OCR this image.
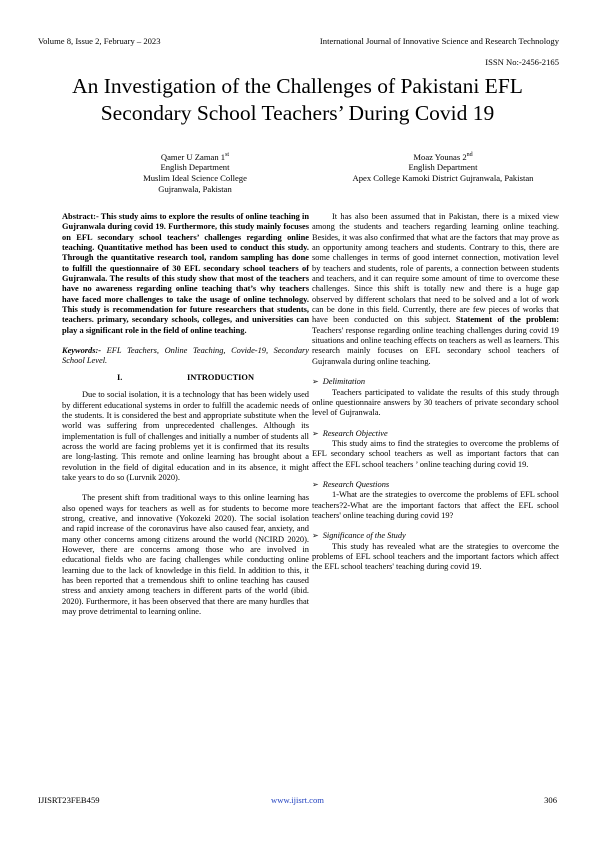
Volume 8, Issue 2, February – 2023	International Journal of Innovative Science and Research Technology
ISSN No:-2456-2165
An Investigation of the Challenges of Pakistani EFL
Secondary School Teachers’ During Covid 19
Qamer U Zaman 1st
English Department
Muslim Ideal Science College
Gujranwala, Pakistan
Moaz Younas 2nd
English Department
Apex College Kamoki District Gujranwala, Pakistan

Abstract:- This study aims to explore the results of online teaching in Gujranwala during covid 19. Furthermore, this study mainly focuses on EFL secondary school teachers’ challenges regarding online teaching. Quantitative method has been used to conduct this study. Through the quantitative research tool, random sampling has done to fulfill the questionnaire of 30 EFL secondary school teachers of Gujranwala. The results of this study show that most of the teachers have no awareness regarding online teaching that’s why teachers have faced more challenges to take the usage of online technology. This study is recommendation for future researchers that students, teachers. primary, secondary schools, colleges, and universities can play a significant role in the field of online teaching.

Keywords:- EFL Teachers, Online Teaching, Covide-19, Secondary School Level.

I.	INTRODUCTION

Due to social isolation, it is a technology that has been widely used by different educational systems in order to fulfill the academic needs of the students. It is considered the best and appropriate substitute when the world was suffering from unprecedented challenges. Although its implementation is full of challenges and initially a number of students all across the world are facing problems yet it is confirmed that its results are long-lasting. This remote and online learning has brought about a revolution in the field of digital education and in its absence, it might take years to do so (Lurvnik 2020).

The present shift from traditional ways to this online learning has also opened ways for teachers as well as for students to become more strong, creative, and innovative (Yokozeki 2020). The social isolation and rapid increase of the coronavirus have also caused fear, anxiety, and many other concerns among citizens around the world (NCIRD 2020). However, there are concerns among those who are involved in educational fields who are facing challenges while conducting online learning due to the lack of knowledge in this field. In addition to this, it has been reported that a tremendous shift to online teaching has caused stress and anxiety among teachers in different parts of the world (ibid. 2020). Furthermore, it has been observed that there are many hurdles that may prove detrimental to learning online.

It has also been assumed that in Pakistan, there is a mixed view among the students and teachers regarding learning online teaching. Besides, it was also confirmed that what are the factors that may prove as an opportunity among teachers and students. Contrary to this, there are some challenges in terms of good internet connection, motivation level by teachers and students, role of parents, a connection between students and teachers, and it can require some amount of time to overcome these challenges. Since this shift is totally new and there is a huge gap observed by different scholars that need to be solved and a lot of work can be done in this field. Currently, there are few pieces of works that have been conducted on this subject. Statement of the problem: Teachers' response regarding online teaching challenges during covid 19 situations and online teaching effects on teachers as well as learners. This research mainly focuses on EFL secondary school teachers of Gujranwala during online teaching.

➢ Delimitation

Teachers participated to validate the results of this study through online questionnaire answers by 30 teachers of private secondary school level of Gujranwala.

➢ Research Objective

This study aims to find the strategies to overcome the problems of EFL secondary school teachers as well as important factors that can affect the EFL school teachers ’ online teaching during covid 19.

➢ Research Questions

1-What are the strategies to overcome the problems of EFL school teachers?2-What are the important factors that affect the EFL school teachers' online teaching during covid 19?

➢ Significance of the Study

This study has revealed what are the strategies to overcome the problems of EFL school teachers and the important factors which affect the EFL school teachers' teaching during covid 19.

IJISRT23FEB459	www.ijisrt.com	306
